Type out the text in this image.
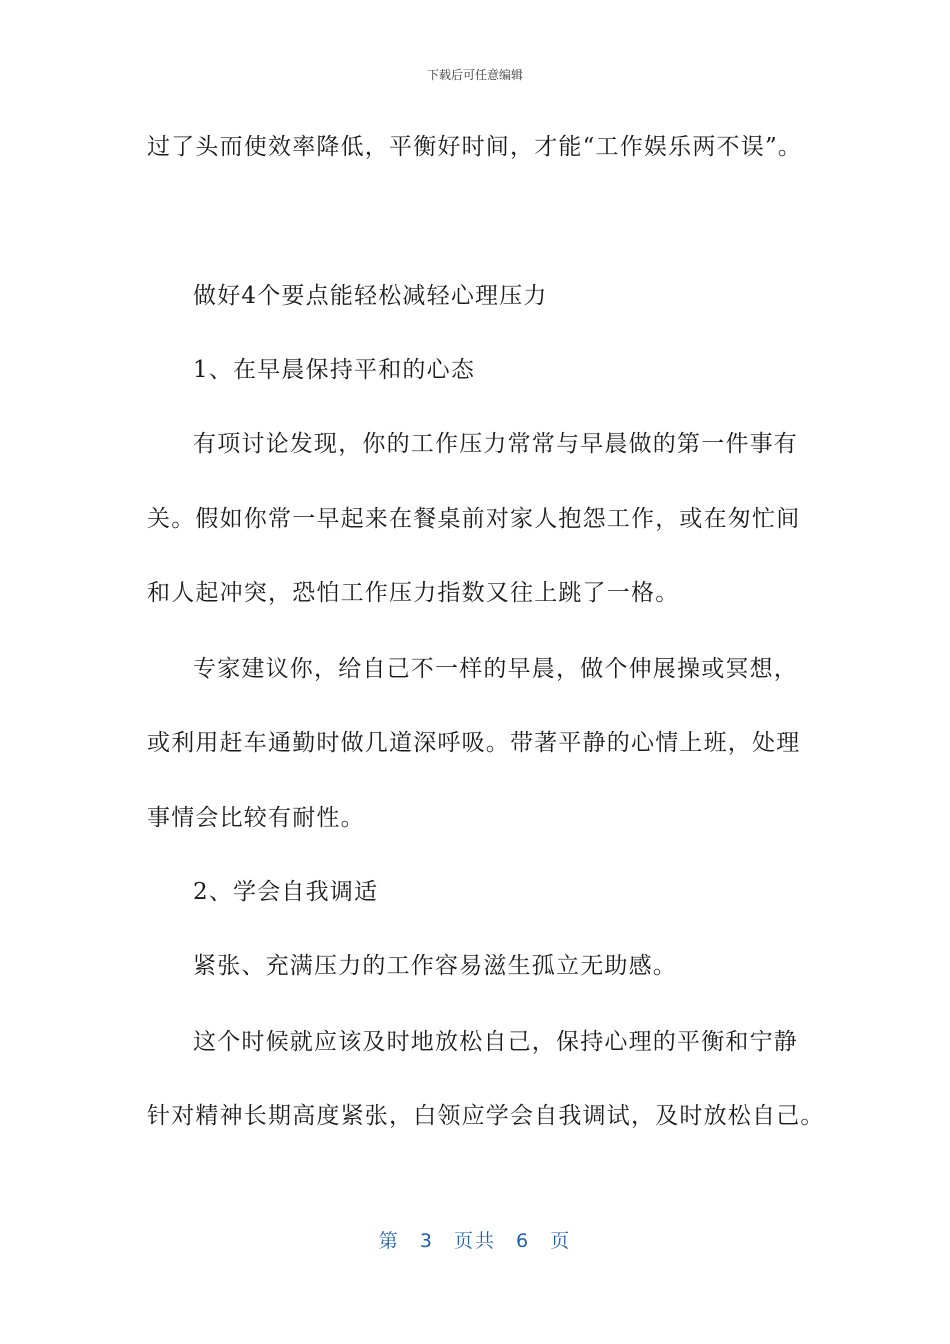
下载后可任意编辑
过了头而使效率降低，平衡好时间，才能“工作娱乐两不误”。
做好4个要点能轻松减轻心理压力
1、在早晨保持平和的心态
有项讨论发现，你的工作压力常常与早晨做的第一件事有
关。假如你常一早起来在餐桌前对家人抱怨工作，或在匆忙间
和人起冲突，恐怕工作压力指数又往上跳了一格。
专家建议你，给自己不一样的早晨，做个伸展操或冥想，
或利用赶车通勤时做几道深呼吸。带著平静的心情上班，处理
事情会比较有耐性。
2、学会自我调适
紧张、充满压力的工作容易滋生孤立无助感。
这个时候就应该及时地放松自己，保持心理的平衡和宁静
针对精神长期高度紧张，白领应学会自我调试，及时放松自己。
第 3 页共 6 页
